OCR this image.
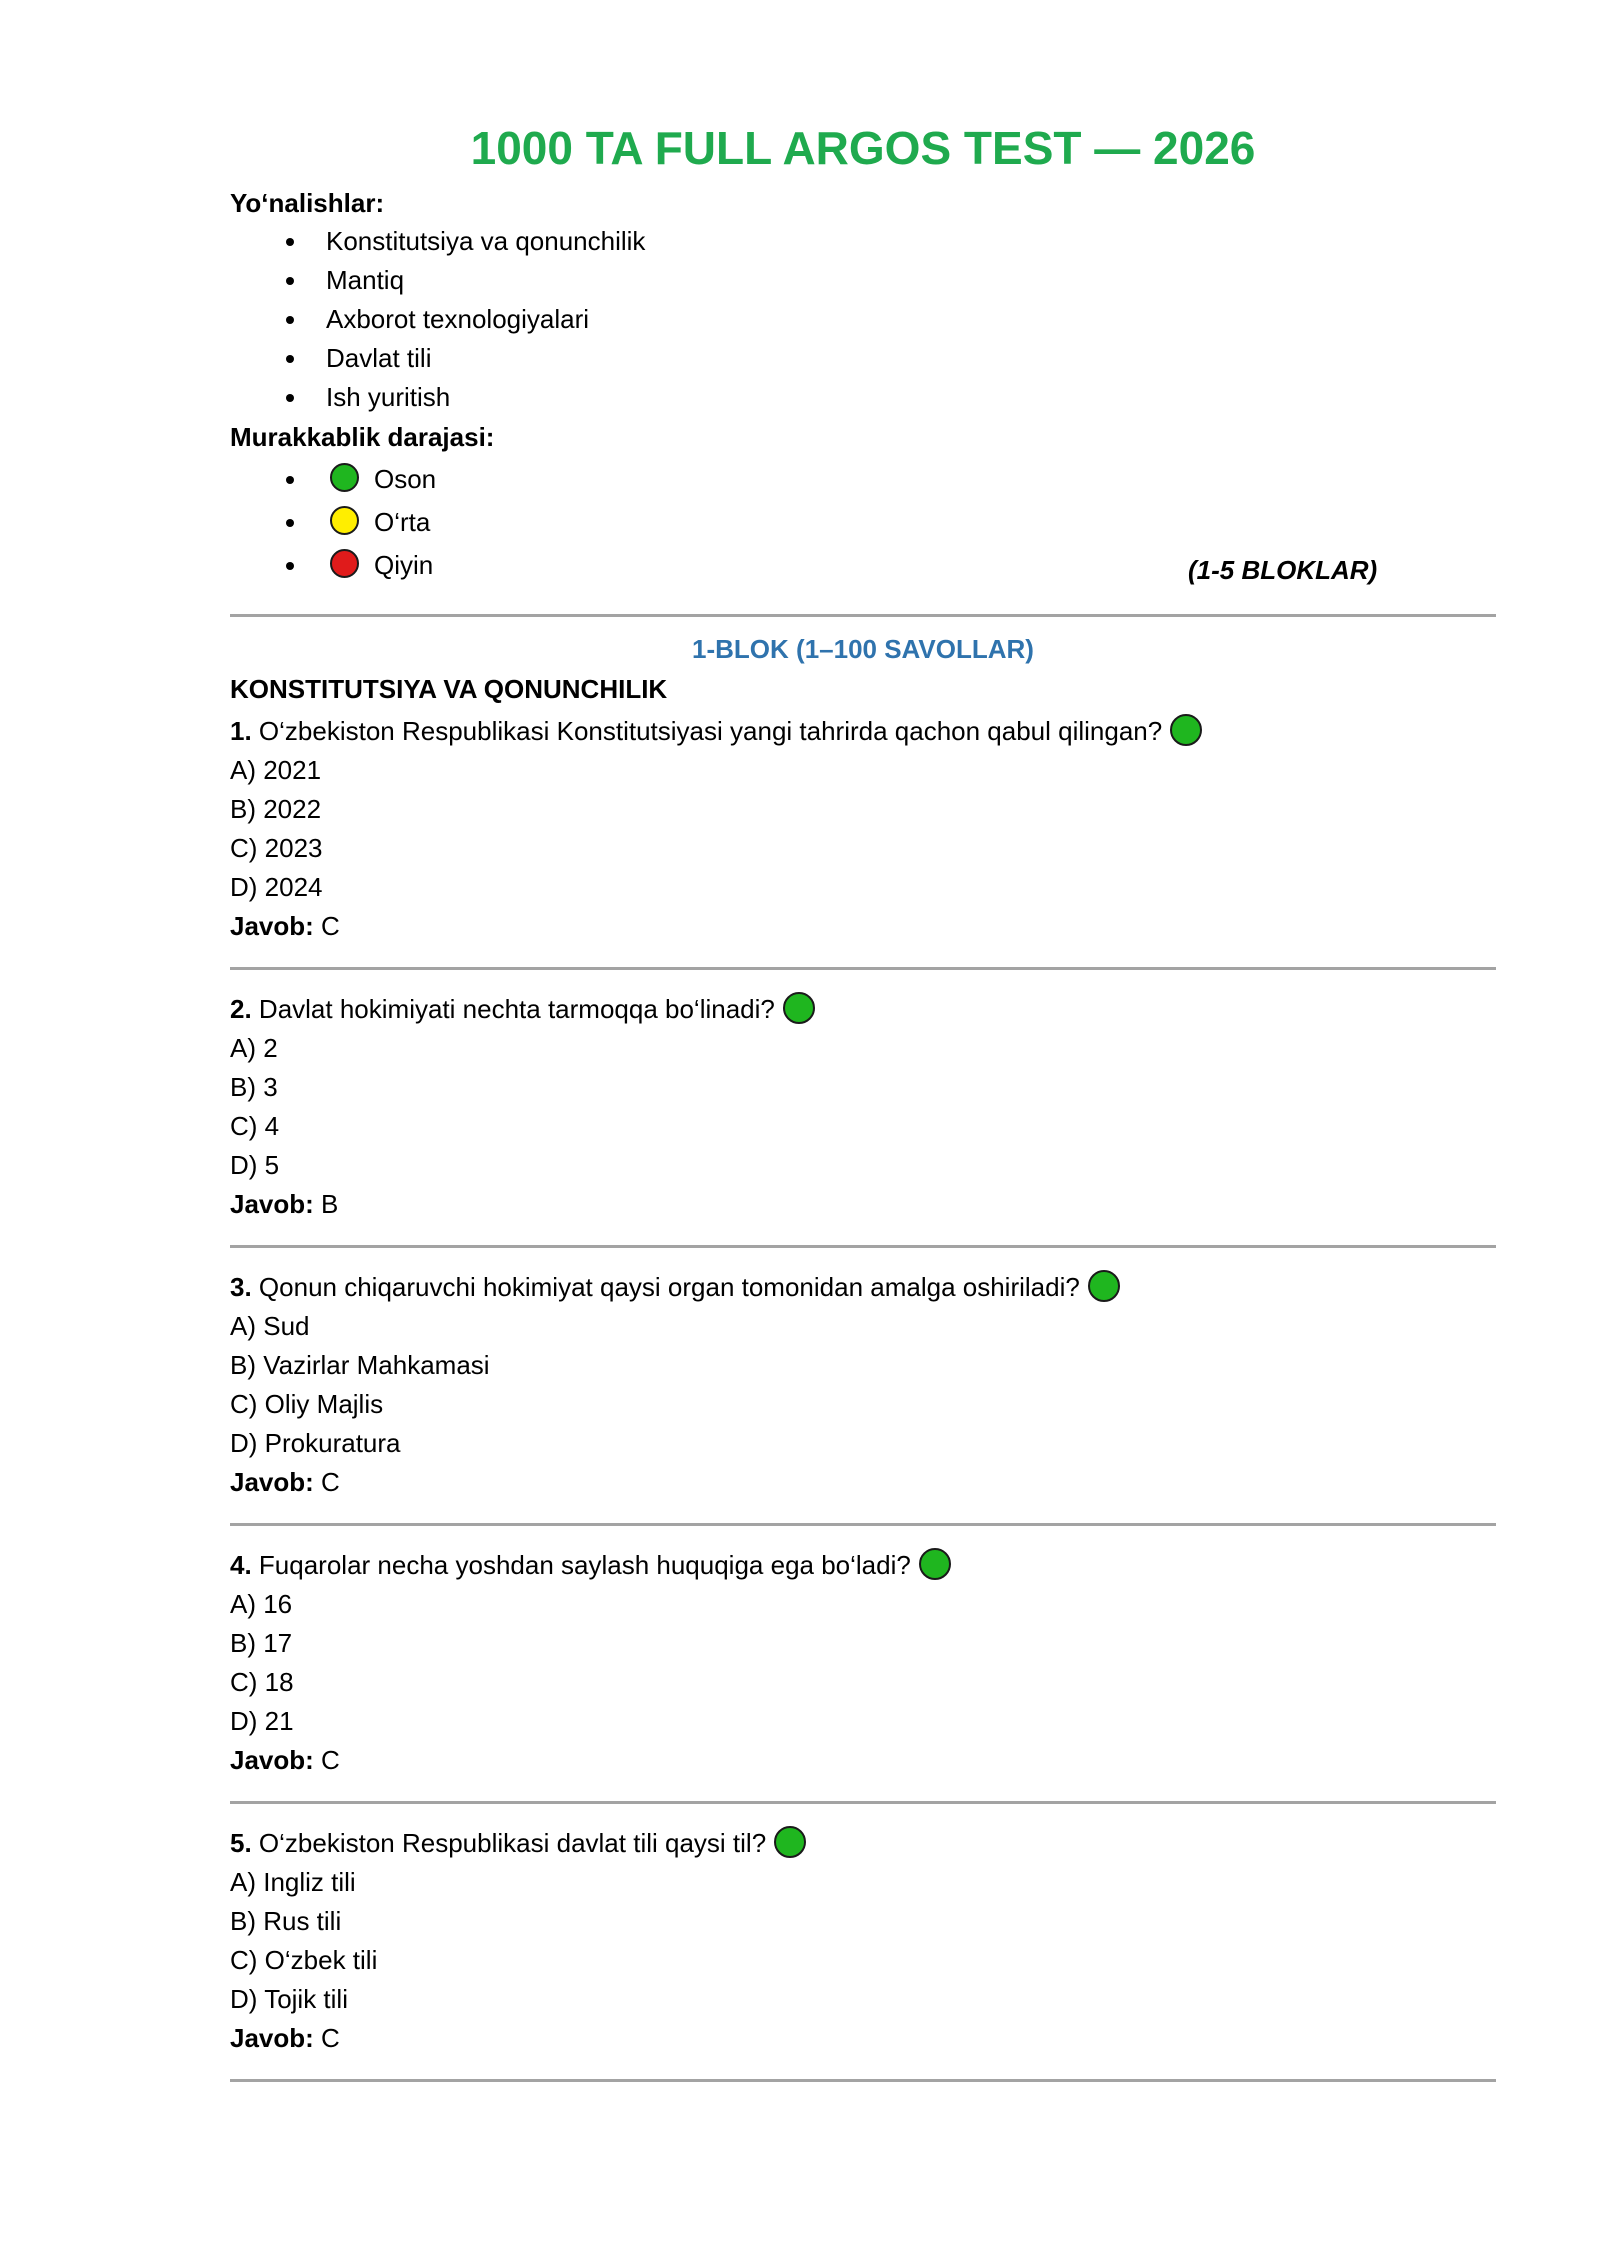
1000 TA FULL ARGOS TEST — 2026
Yo‘nalishlar:
Konstitutsiya va qonunchilik
Mantiq
Axborot texnologiyalari
Davlat tili
Ish yuritish
Murakkablik darajasi:
Oson
O‘rta
Qiyin	(1-5 BLOKLAR)
1-BLOK (1–100 SAVOLLAR)
KONSTITUTSIYA VA QONUNCHILIK
1. O‘zbekiston Respublikasi Konstitutsiyasi yangi tahrirda qachon qabul qilingan?
A) 2021
B) 2022
C) 2023
D) 2024
Javob: C
2. Davlat hokimiyati nechta tarmoqqa bo‘linadi?
A) 2
B) 3
C) 4
D) 5
Javob: B
3. Qonun chiqaruvchi hokimiyat qaysi organ tomonidan amalga oshiriladi?
A) Sud
B) Vazirlar Mahkamasi
C) Oliy Majlis
D) Prokuratura
Javob: C
4. Fuqarolar necha yoshdan saylash huquqiga ega bo‘ladi?
A) 16
B) 17
C) 18
D) 21
Javob: C
5. O‘zbekiston Respublikasi davlat tili qaysi til?
A) Ingliz tili
B) Rus tili
C) O‘zbek tili
D) Tojik tili
Javob: C
